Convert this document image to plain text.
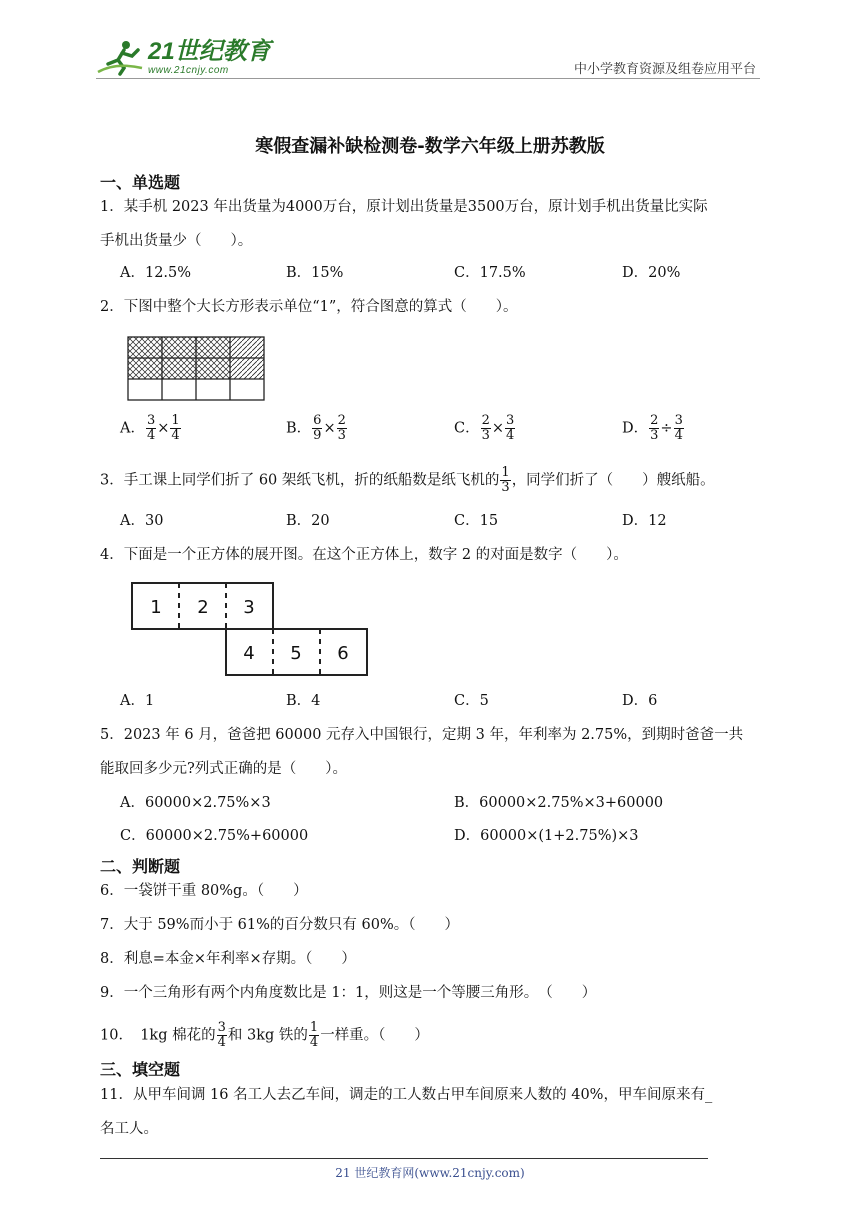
21世纪教育
www.21cnjy.com	中小学教育资源及组卷应用平台
寒假查漏补缺检测卷-数学六年级上册苏教版
一、单选题
1．某手机 2023 年出货量为4000万台，原计划出货量是3500万台，原计划手机出货量比实际
手机出货量少（　　）。
A．12.5%	B．15%	C．17.5%	D．20%
2．下图中整个大长方形表示单位“1”，符合图意的算式（　　）。
A． $\frac{3}{4} \times \frac{1}{4}$	B． $\frac{6}{9} \times \frac{2}{3}$	C． $\frac{2}{3} \times \frac{3}{4}$	D． $\frac{2}{3} \div \frac{3}{4}$
3．手工课上同学们折了 60 架纸飞机，折的纸船数是纸飞机的 $\frac{1}{3}$ ，同学们折了（　　）艘纸船。
A．30	B．20	C．15	D．12
4．下面是一个正方体的展开图。在这个正方体上，数字 2 的对面是数字（　　）。
1 2 3
4 5 6
A．1	B．4	C．5	D．6
5．2023 年 6 月，爸爸把 60000 元存入中国银行，定期 3 年，年利率为 2.75%，到期时爸爸一共
能取回多少元?列式正确的是（　　）。
A．60000×2.75%×3	B．60000×2.75%×3+60000
C．60000×2.75%+60000	D．60000×(1+2.75%)×3
二、判断题
6．一袋饼干重 80%g。（　　）
7．大于 59%而小于 61%的百分数只有 60%。（　　）
8．利息=本金×年利率×存期。（　　）
9．一个三角形有两个内角度数比是 1：1，则这是一个等腰三角形。　（　　）
10．　1kg 棉花的 $\frac{3}{4}$ 和 3kg 铁的 $\frac{1}{4}$ 一样重。（　　）
三、填空题
11．从甲车间调 16 名工人去乙车间，调走的工人数占甲车间原来人数的 40%，甲车间原来有_
名工人。
21 世纪教育网(www.21cnjy.com)
